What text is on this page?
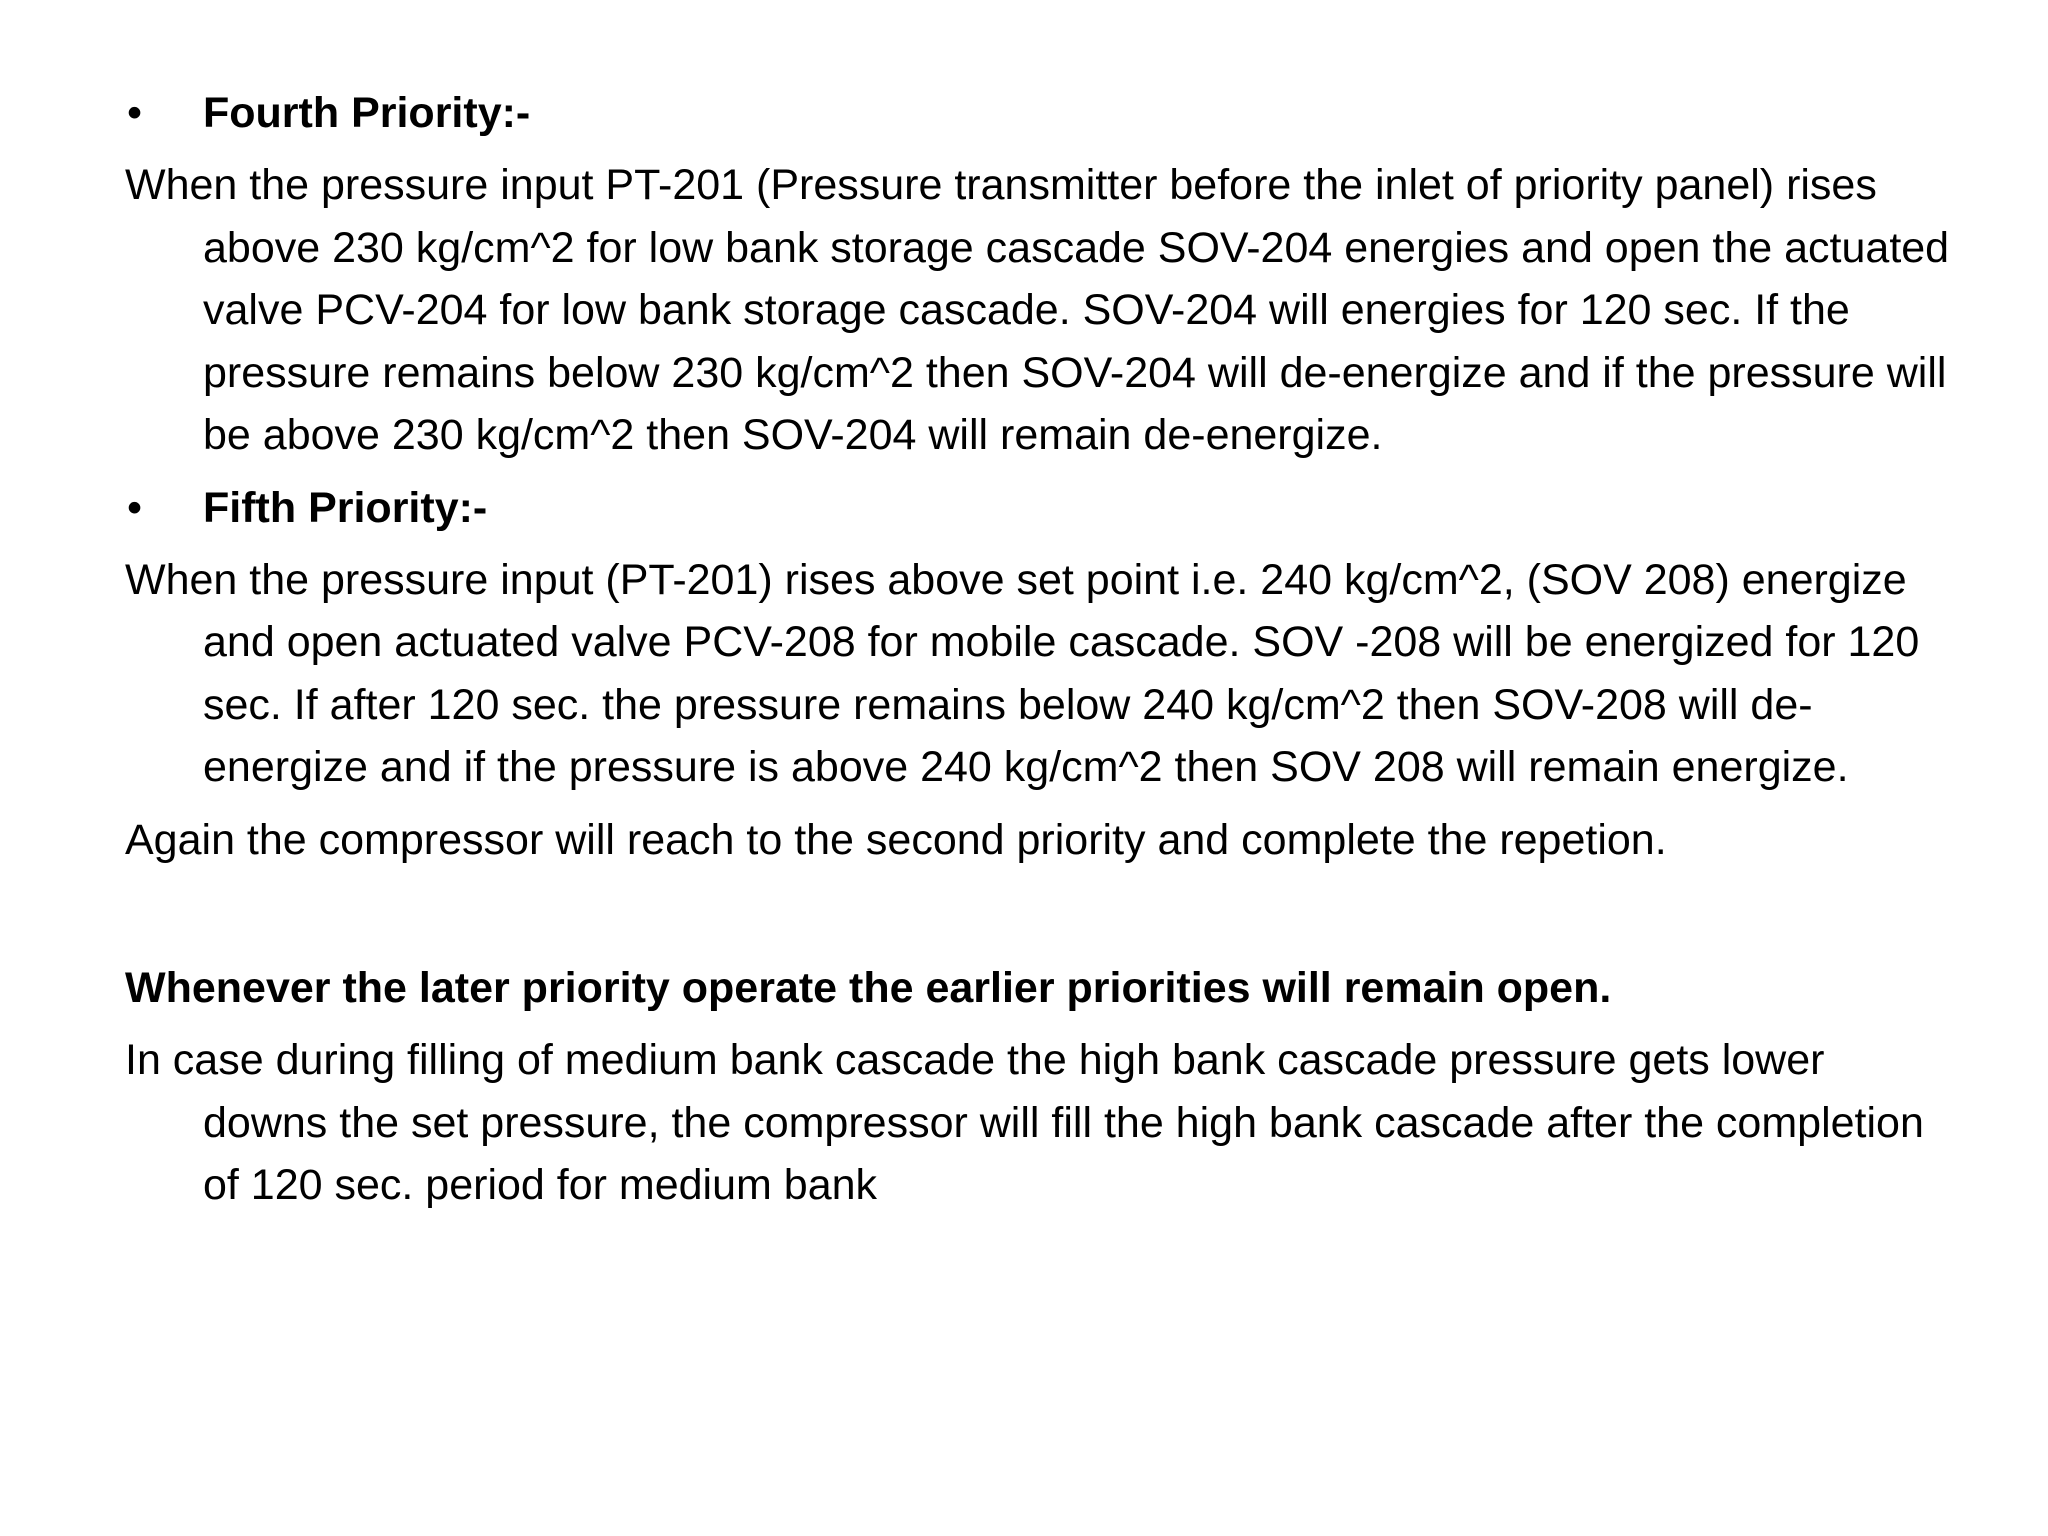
• Fourth Priority:-

When the pressure input PT-201 (Pressure transmitter before the inlet of priority panel) rises above 230 kg/cm^2 for low bank storage cascade SOV-204 energies and open the actuated valve PCV-204 for low bank storage cascade. SOV-204 will energies for 120 sec. If the pressure remains below 230 kg/cm^2 then SOV-204 will de-energize and if the pressure will be above 230 kg/cm^2 then SOV-204 will remain de-energize.

• Fifth Priority:-

When the pressure input (PT-201) rises above set point i.e. 240 kg/cm^2, (SOV 208) energize and open actuated valve PCV-208 for mobile cascade. SOV -208 will be energized for 120 sec. If after 120 sec. the pressure remains below 240 kg/cm^2 then SOV-208 will de-energize and if the pressure is above 240 kg/cm^2 then SOV 208 will remain energize.

Again the compressor will reach to the second priority and complete the repetion.

Whenever the later priority operate the earlier priorities will remain open.

In case during filling of medium bank cascade the high bank cascade pressure gets lower downs the set pressure, the compressor will fill the high bank cascade after the completion of 120 sec. period for medium bank
